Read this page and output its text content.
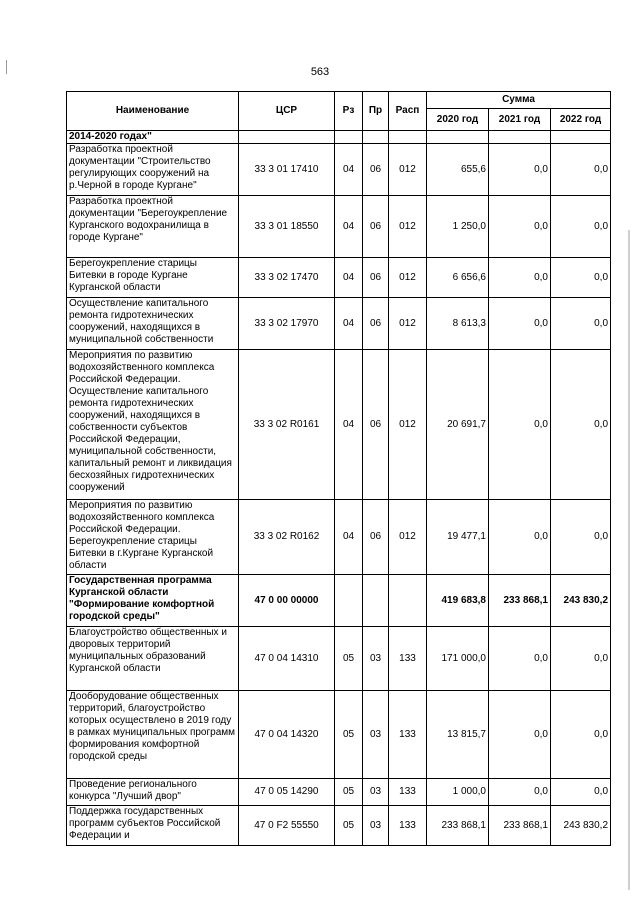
563
Наименование	ЦСР	Рз	Пр	Расп	Сумма		
					2020 год	2021 год	2022 год
2014-2020 годах"							
Разработка проектной документации "Строительство регулирующих сооружений на р.Черной в городе Кургане"	33 3 01 17410	04	06	012	655,6	0,0	0,0
Разработка проектной документации "Берегоукрепление Курганского водохранилища в городе Кургане"	33 3 01 18550	04	06	012	1 250,0	0,0	0,0
Берегоукрепление старицы Битевки в городе Кургане Курганской области	33 3 02 17470	04	06	012	6 656,6	0,0	0,0
Осуществление капитального ремонта гидротехнических сооружений, находящихся в муниципальной собственности	33 3 02 17970	04	06	012	8 613,3	0,0	0,0
Мероприятия по развитию водохозяйственного комплекса Российской Федерации. Осуществление капитального ремонта гидротехнических сооружений, находящихся в собственности субъектов Российской Федерации, муниципальной собственности, капитальный ремонт и ликвидация бесхозяйных гидротехнических сооружений	33 3 02 R0161	04	06	012	20 691,7	0,0	0,0
Мероприятия по развитию водохозяйственного комплекса Российской Федерации. Берегоукрепление старицы Битевки в г.Кургане Курганской области	33 3 02 R0162	04	06	012	19 477,1	0,0	0,0
Государственная программа Курганской области "Формирование комфортной городской среды"	47 0 00 00000				419 683,8	233 868,1	243 830,2
Благоустройство общественных и дворовых территорий муниципальных образований Курганской области	47 0 04 14310	05	03	133	171 000,0	0,0	0,0
Дооборудование общественных территорий, благоустройство которых осуществлено в 2019 году в рамках муниципальных программ формирования комфортной городской среды	47 0 04 14320	05	03	133	13 815,7	0,0	0,0
Проведение регионального конкурса "Лучший двор"	47 0 05 14290	05	03	133	1 000,0	0,0	0,0
Поддержка государственных программ субъектов Российской Федерации и	47 0 F2 55550	05	03	133	233 868,1	233 868,1	243 830,2
